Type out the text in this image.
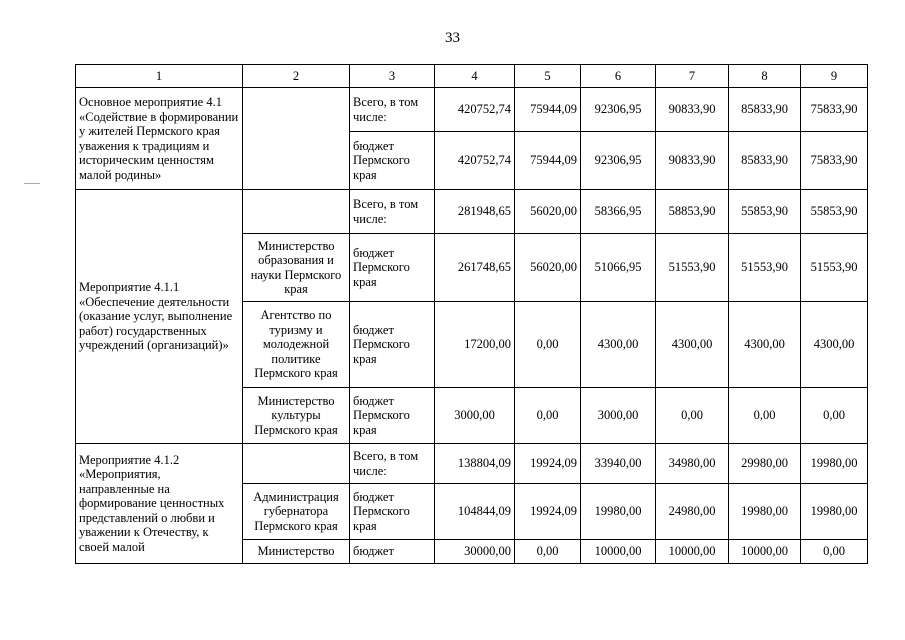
33
1	2	3	4	5	6	7	8	9
Основное мероприятие 4.1 «Содействие в формировании у жителей Пермского края уважения к традициям и историческим ценностям малой родины»		Всего, в том числе:	420752,74	75944,09	92306,95	90833,90	85833,90	75833,90
		бюджет Пермского края	420752,74	75944,09	92306,95	90833,90	85833,90	75833,90
Мероприятие 4.1.1 «Обеспечение деятельности (оказание услуг, выполнение работ) государственных учреждений (организаций)»		Всего, в том числе:	281948,65	56020,00	58366,95	58853,90	55853,90	55853,90
	Министерство образования и науки Пермского края	бюджет Пермского края	261748,65	56020,00	51066,95	51553,90	51553,90	51553,90
	Агентство по туризму и молодежной политике Пермского края	бюджет Пермского края	17200,00	0,00	4300,00	4300,00	4300,00	4300,00
	Министерство культуры Пермского края	бюджет Пермского края	3000,00	0,00	3000,00	0,00	0,00	0,00
Мероприятие 4.1.2 «Мероприятия, направленные на формирование ценностных представлений о любви и уважении к Отечеству, к своей малой		Всего, в том числе:	138804,09	19924,09	33940,00	34980,00	29980,00	19980,00
	Администрация губернатора Пермского края	бюджет Пермского края	104844,09	19924,09	19980,00	24980,00	19980,00	19980,00
	Министерство	бюджет	30000,00	0,00	10000,00	10000,00	10000,00	0,00
